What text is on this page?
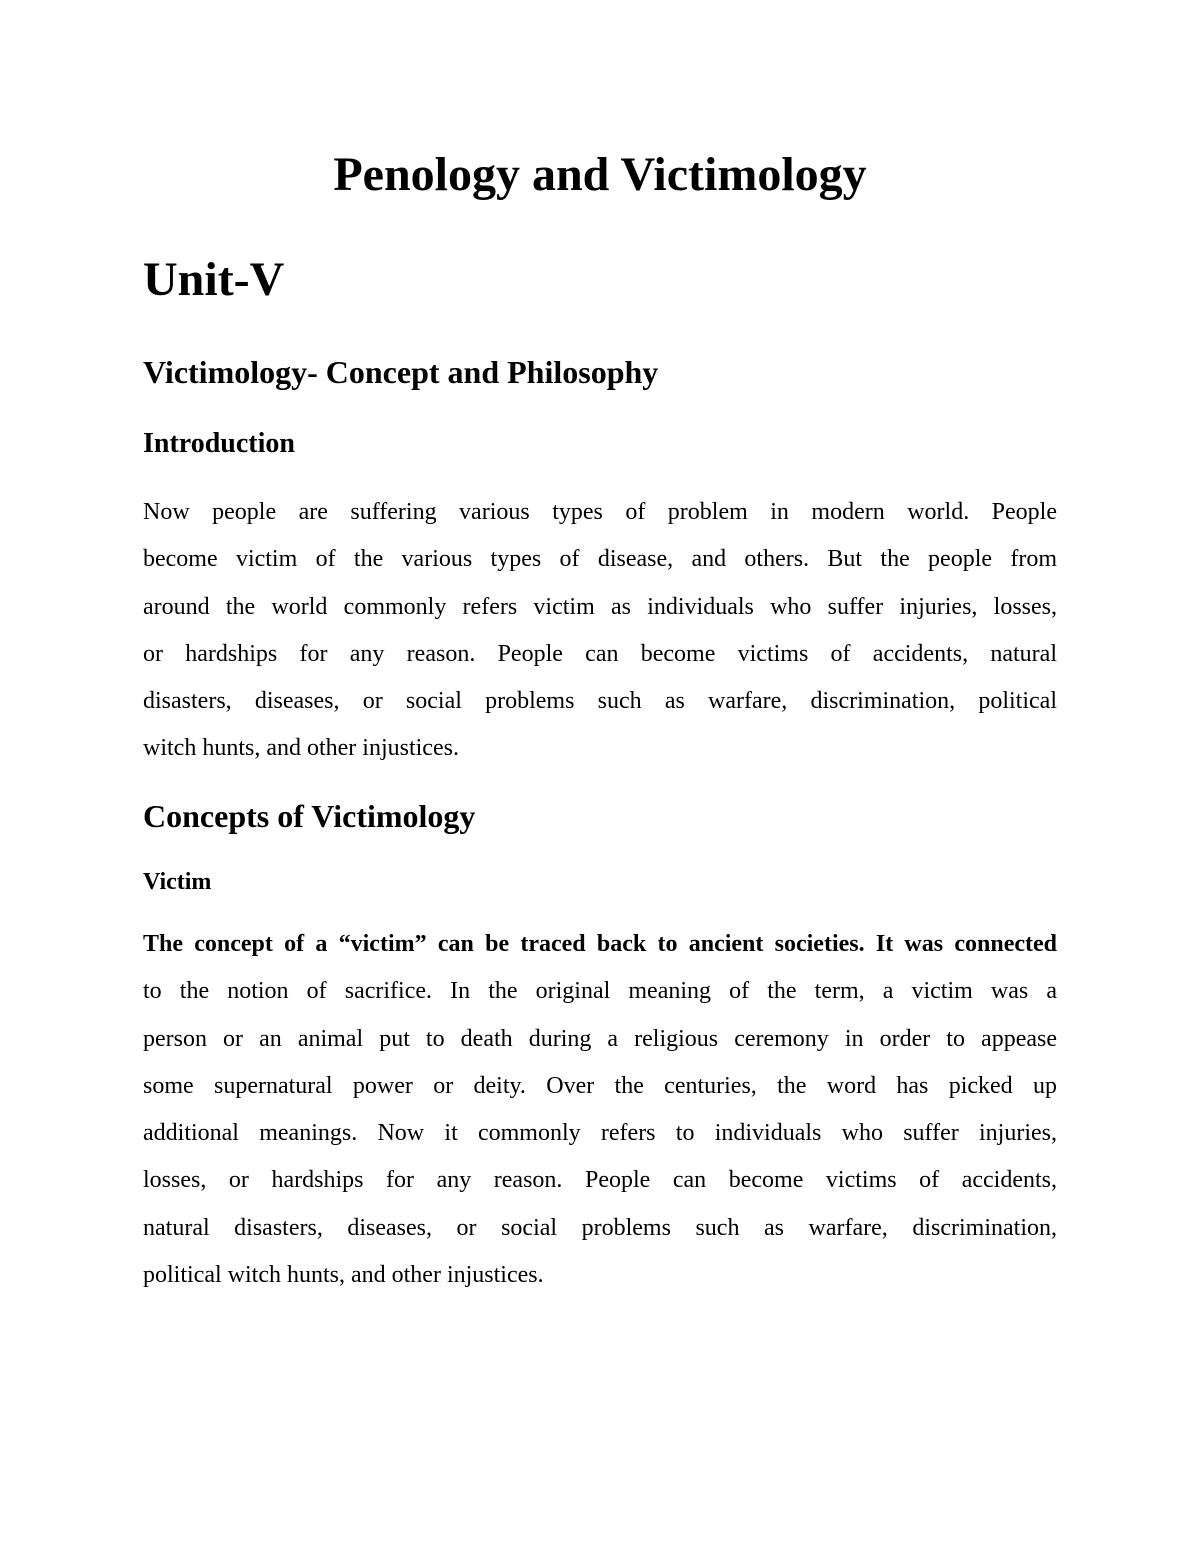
Penology and Victimology
Unit-V
Victimology- Concept and Philosophy
Introduction
Now people are suffering various types of problem in modern world. People
become victim of the various types of disease, and others. But the people from
around the world commonly refers victim as individuals who suffer injuries, losses,
or hardships for any reason. People can become victims of accidents, natural
disasters, diseases, or social problems such as warfare, discrimination, political
witch hunts, and other injustices.
Concepts of Victimology
Victim
The concept of a “victim” can be traced back to ancient societies. It was connected
to the notion of sacrifice. In the original meaning of the term, a victim was a
person or an animal put to death during a religious ceremony in order to appease
some supernatural power or deity. Over the centuries, the word has picked up
additional meanings. Now it commonly refers to individuals who suffer injuries,
losses, or hardships for any reason. People can become victims of accidents,
natural disasters, diseases, or social problems such as warfare, discrimination,
political witch hunts, and other injustices.
